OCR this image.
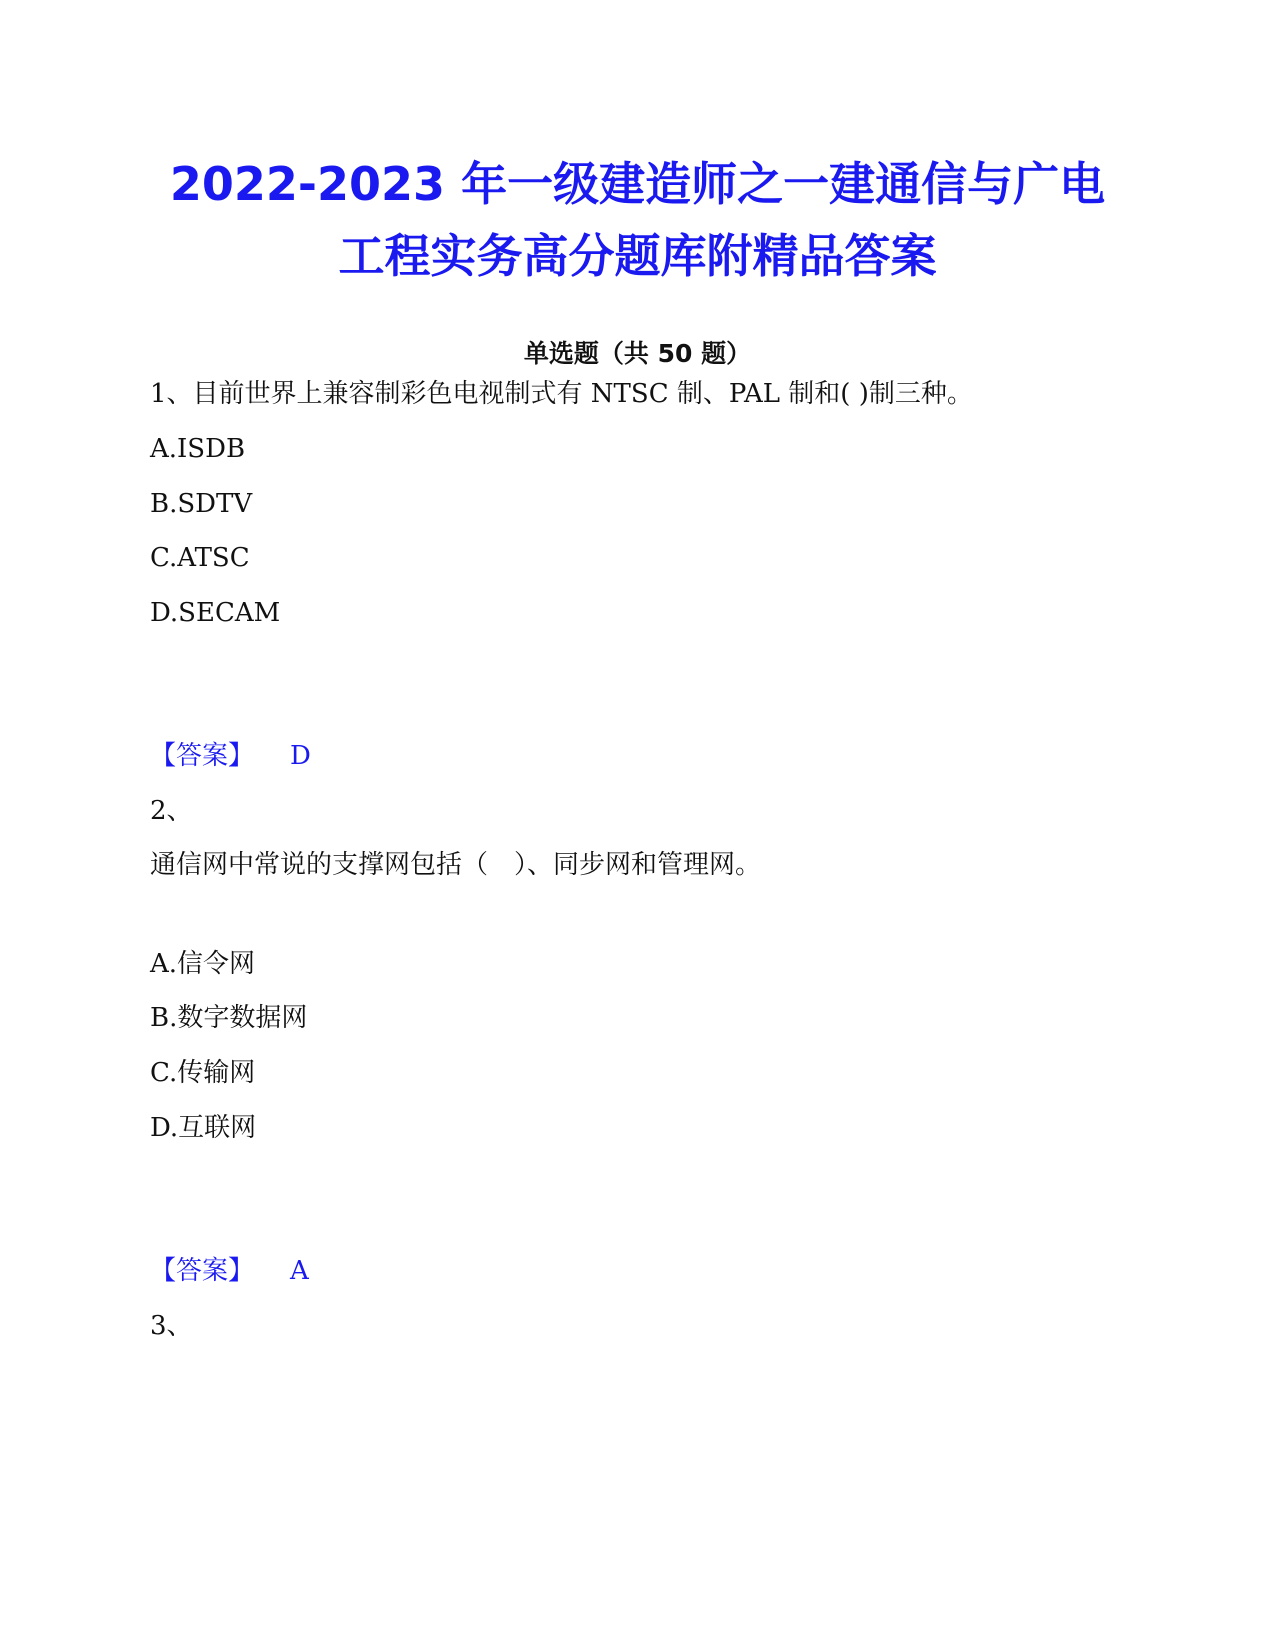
2022-2023 年一级建造师之一建通信与广电
工程实务高分题库附精品答案
单选题（共 50 题）
1、目前世界上兼容制彩色电视制式有 NTSC 制、PAL 制和( )制三种。
A.ISDB
B.SDTV
C.ATSC
D.SECAM
【答案】 D
2、
通信网中常说的支撑网包括（　）、同步网和管理网。
A.信令网
B.数字数据网
C.传输网
D.互联网
【答案】 A
3、
